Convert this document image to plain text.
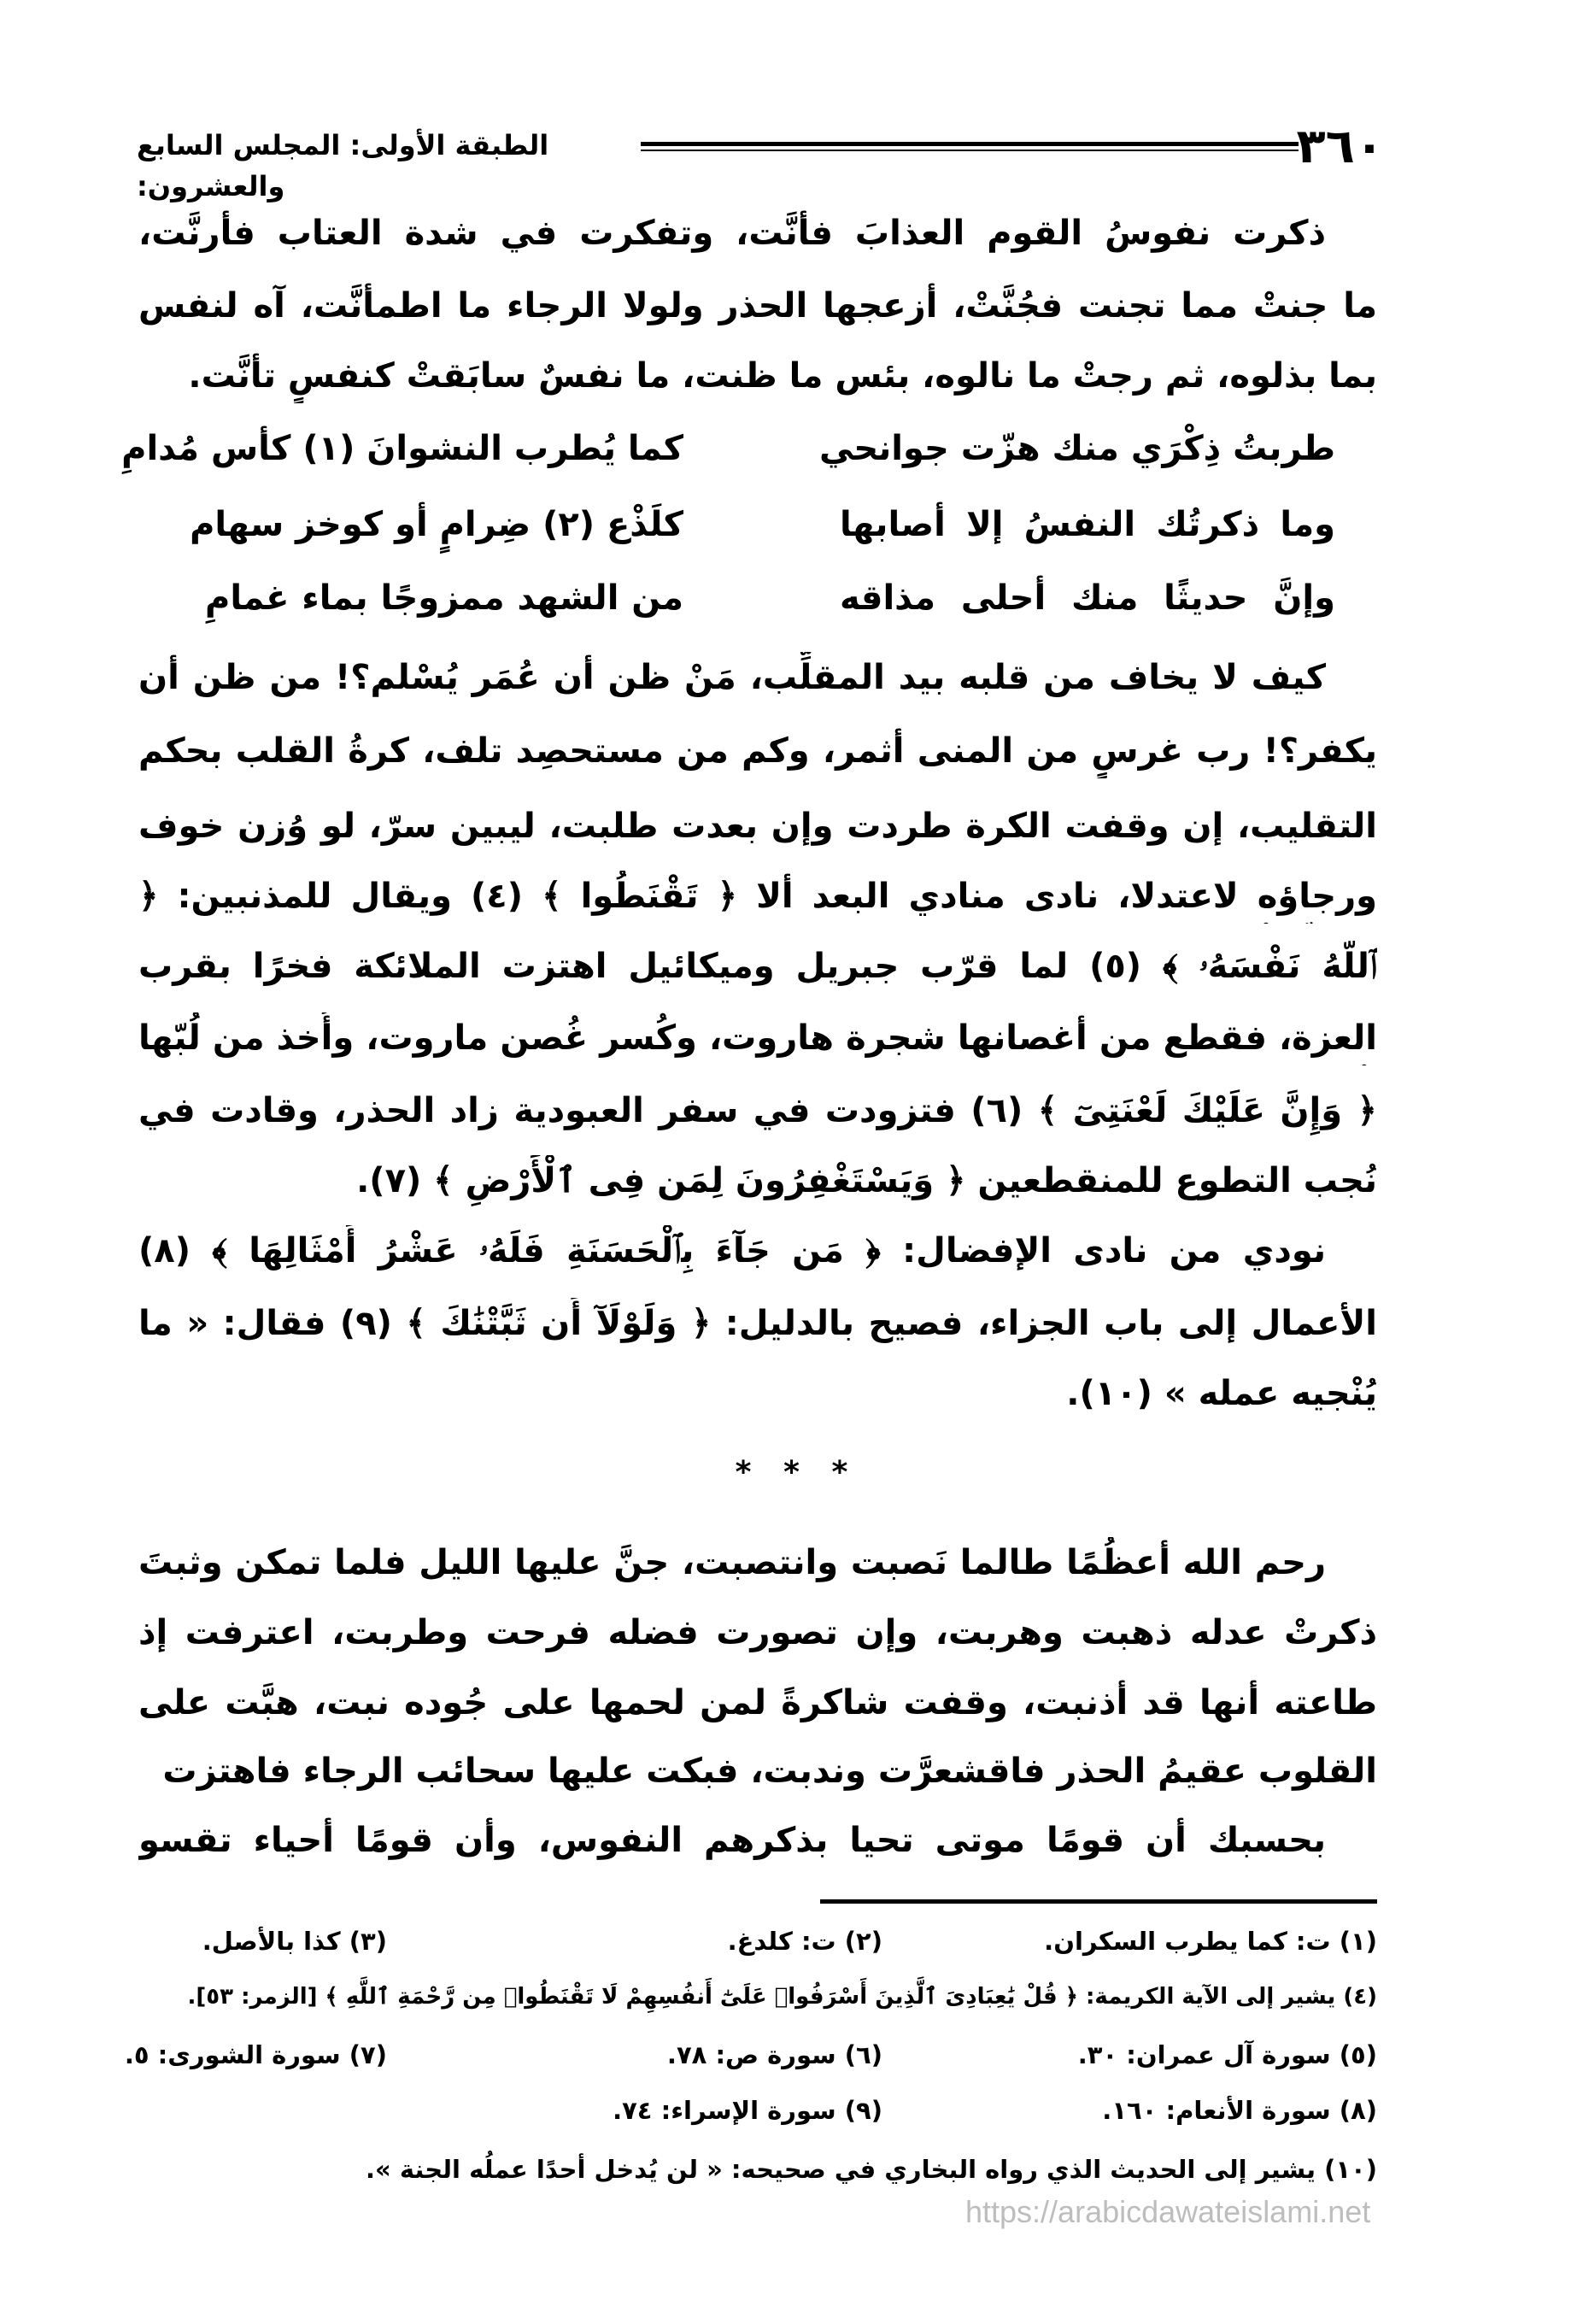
٣٦٠
الطبقة الأولى: المجلس السابع والعشرون:
ذكرت نفوسُ القوم العذابَ فأنَّت، وتفكرت في شدة العتاب فأرنَّت،
ما جنتْ مما تجنت فجُنَّتْ، أزعجها الحذر ولولا الرجاء ما اطمأنَّت، آه لنفس
بما بذلوه، ثم رجتْ ما نالوه، بئس ما ظنت، ما نفسٌ سابَقتْ كنفسٍ تأنَّت.
طربتُ ذِكْرَي منك هزّت جوانحي
كما يُطرب النشوانَ (١) كأس مُدامِ
وما ذكرتُك النفسُ إلا أصابها
كلَذْع (٢) ضِرامٍ أو كوخز سهام
وإنَّ حديثًا منك أحلى مذاقه
من الشهد ممزوجًا بماء غمامِ
كيف لا يخاف من قلبه بيد المقلِّب، مَنْ ظن أن عُمَر يُسْلم؟! من ظن أن
يكفر؟! رب غرسٍ من المنى أثمر، وكم من مستحصِد تلف، كرةُ القلب بحكم
التقليب، إن وقفت الكرة طردت وإن بعدت طلبت، ليبين سرّ، لو وُزن خوف
ورجاؤه لاعتدلا، نادى منادي البعد ألا ﴿ تَقْنَطُوا ﴾ (٤) ويقال للمذنبين: ﴿
ٱللَّهُ نَفْسَهُۥ ﴾ (٥) لما قرّب جبريل وميكائيل اهتزت الملائكة فخرًا بقرب
العزة، فقطع من أغصانها شجرة هاروت، وكُسر غُصن ماروت، وأُخذ من لُبّها
﴿ وَإِنَّ عَلَيْكَ لَعْنَتِىٓ ﴾ (٦) فتزودت في سفر العبودية زاد الحذر، وقادت في
نُجب التطوع للمنقطعين ﴿ وَيَسْتَغْفِرُونَ لِمَن فِى ٱلْأَرْضِ ﴾ (٧).
نودي من نادى الإفضال: ﴿ مَن جَآءَ بِٱلْحَسَنَةِ فَلَهُۥ عَشْرُ أَمْثَالِهَا ﴾ (٨)
الأعمال إلى باب الجزاء، فصيح بالدليل: ﴿ وَلَوْلَآ أَن ثَبَّتْنَٰكَ ﴾ (٩) فقال: « ما
يُنْجيه عمله » (١٠).
*   *   *
رحم الله أعظُمًا طالما نَصبت وانتصبت، جنَّ عليها الليل فلما تمكن وثبتَ
ذكرتْ عدله ذهبت وهربت، وإن تصورت فضله فرحت وطربت، اعترفت إذ
طاعته أنها قد أذنبت، وقفت شاكرةً لمن لحمها على جُوده نبت، هبَّت على
القلوب عقيمُ الحذر فاقشعرَّت وندبت، فبكت عليها سحائب الرجاء فاهتزت
بحسبك أن قومًا موتى تحيا بذكرهم النفوس، وأن قومًا أحياء تقسو
(١) ت: كما يطرب السكران.
(٢) ت: كلدغ.
(٣) كذا بالأصل.
(٤) يشير إلى الآية الكريمة: ﴿ قُلْ يَٰعِبَادِىَ ٱلَّذِينَ أَسْرَفُوا۟ عَلَىٰٓ أَنفُسِهِمْ لَا تَقْنَطُوا۟ مِن رَّحْمَةِ ٱللَّهِ ﴾ [الزمر: ٥٣].
(٥) سورة آل عمران: ٣٠.
(٦) سورة ص: ٧٨.
(٧) سورة الشورى: ٥.
(٨) سورة الأنعام: ١٦٠.
(٩) سورة الإسراء: ٧٤.
(١٠) يشير إلى الحديث الذي رواه البخاري في صحيحه: « لن يُدخل أحدًا عملُه الجنة ».
https://arabicdawateislami.net
